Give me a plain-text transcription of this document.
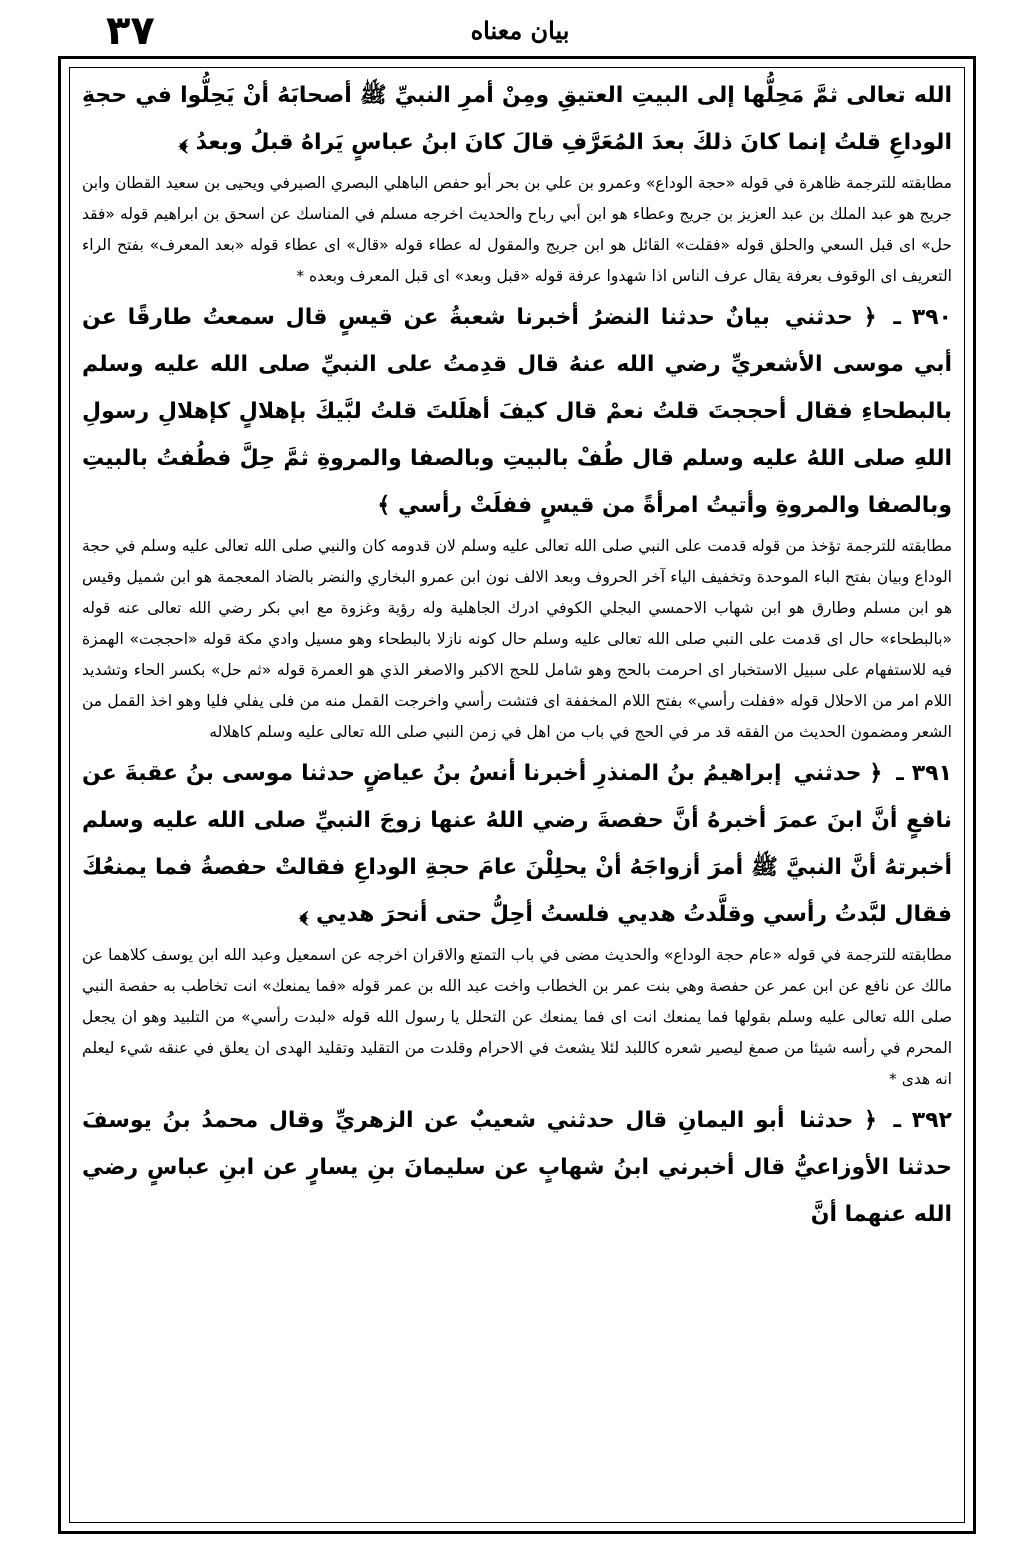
بيان معناه
٣٧

الله تعالى ثمَّ مَحِلُّها إلى البيتِ العتيقِ ومِنْ أمرِ النبيِّ ﷺ أصحابَهُ أنْ يَحِلُّوا في حجةِ الوداعِ قلتُ إنما كانَ ذلكَ بعدَ المُعَرَّفِ قالَ كانَ ابنُ عباسٍ يَراهُ قبلُ وبعدُ ﴾

مطابقته للترجمة ظاهرة في قوله «حجة الوداع» وعمرو بن علي بن بحر أبو حفص الباهلي البصري الصيرفي ويحيى بن سعيد القطان وابن جريج هو عبد الملك بن عبد العزيز بن جريج وعطاء هو ابن أبي رباح والحديث اخرجه مسلم في المناسك عن اسحق بن ابراهيم قوله «فقد حل» اى قبل السعي والحلق قوله «فقلت» القائل هو ابن جريج والمقول له عطاء قوله «قال» اى عطاء قوله «بعد المعرف» بفتح الراء التعريف اى الوقوف بعرفة يقال عرف الناس اذا شهدوا عرفة قوله «قبل وبعد» اى قبل المعرف وبعده *

٣٩٠ ـ ﴿ حدثني بيانٌ حدثنا النضرُ أخبرنا شعبةُ عن قيسٍ قال سمعتُ طارقًا عن أبي موسى الأشعريِّ رضي الله عنهُ قال قدِمتُ على النبيِّ صلى الله عليه وسلم بالبطحاءِ فقال أحججتَ قلتُ نعمْ قال كيفَ أهلَلتَ قلتُ لبَّيكَ بإهلالٍ كإهلالِ رسولِ اللهِ صلى اللهُ عليه وسلم قال طُفْ بالبيتِ وبالصفا والمروةِ ثمَّ حِلَّ فطُفتُ بالبيتِ وبالصفا والمروةِ وأتيتُ امرأةً من قيسٍ ففلَتْ رأسي ﴾

مطابقته للترجمة تؤخذ من قوله قدمت على النبي صلى الله تعالى عليه وسلم لان قدومه كان والنبي صلى الله تعالى عليه وسلم في حجة الوداع وبيان بفتح الباء الموحدة وتخفيف الياء آخر الحروف وبعد الالف نون ابن عمرو البخاري والنضر بالضاد المعجمة هو ابن شميل وقيس هو ابن مسلم وطارق هو ابن شهاب الاحمسي البجلي الكوفي ادرك الجاهلية وله رؤية وغزوة مع ابي بكر رضي الله تعالى عنه قوله «بالبطحاء» حال اى قدمت على النبي صلى الله تعالى عليه وسلم حال كونه نازلا بالبطحاء وهو مسيل وادي مكة قوله «احججت» الهمزة فيه للاستفهام على سبيل الاستخبار اى احرمت بالحج وهو شامل للحج الاكبر والاصغر الذي هو العمرة قوله «ثم حل» بكسر الحاء وتشديد اللام امر من الاحلال قوله «ففلت رأسي» بفتح اللام المخففة اى فتشت رأسي واخرجت القمل منه من فلى يفلي فليا وهو اخذ القمل من الشعر ومضمون الحديث من الفقه قد مر في الحج في باب من اهل في زمن النبي صلى الله تعالى عليه وسلم كاهلاله

٣٩١ ـ ﴿ حدثني إبراهيمُ بنُ المنذرِ أخبرنا أنسُ بنُ عياضٍ حدثنا موسى بنُ عقبةَ عن نافعٍ أنَّ ابنَ عمرَ أخبرهُ أنَّ حفصةَ رضي اللهُ عنها زوجَ النبيِّ صلى الله عليه وسلم أخبرتهُ أنَّ النبيَّ ﷺ أمرَ أزواجَهُ أنْ يحلِلْنَ عامَ حجةِ الوداعِ فقالتْ حفصةُ فما يمنعُكَ فقال لبَّدتُ رأسي وقلَّدتُ هديي فلستُ أحِلُّ حتى أنحرَ هديي ﴾

مطابقته للترجمة في قوله «عام حجة الوداع» والحديث مضى في باب التمتع والاقران اخرجه عن اسمعيل وعبد الله ابن يوسف كلاهما عن مالك عن نافع عن ابن عمر عن حفصة وهي بنت عمر بن الخطاب واخت عبد الله بن عمر قوله «فما يمنعك» انت تخاطب به حفصة النبي صلى الله تعالى عليه وسلم بقولها فما يمنعك انت اى فما يمنعك عن التحلل يا رسول الله قوله «لبدت رأسي» من التلبيد وهو ان يجعل المحرم في رأسه شيئا من صمغ ليصير شعره كاللبد لئلا يشعث في الاحرام وقلدت من التقليد وتقليد الهدى ان يعلق في عنقه شيء ليعلم انه هدى *

٣٩٢ ـ ﴿ حدثنا أبو اليمانِ قال حدثني شعيبٌ عن الزهريِّ وقال محمدُ بنُ يوسفَ حدثنا الأوزاعيُّ قال أخبرني ابنُ شهابٍ عن سليمانَ بنِ يسارٍ عن ابنِ عباسٍ رضي الله عنهما أنَّ
